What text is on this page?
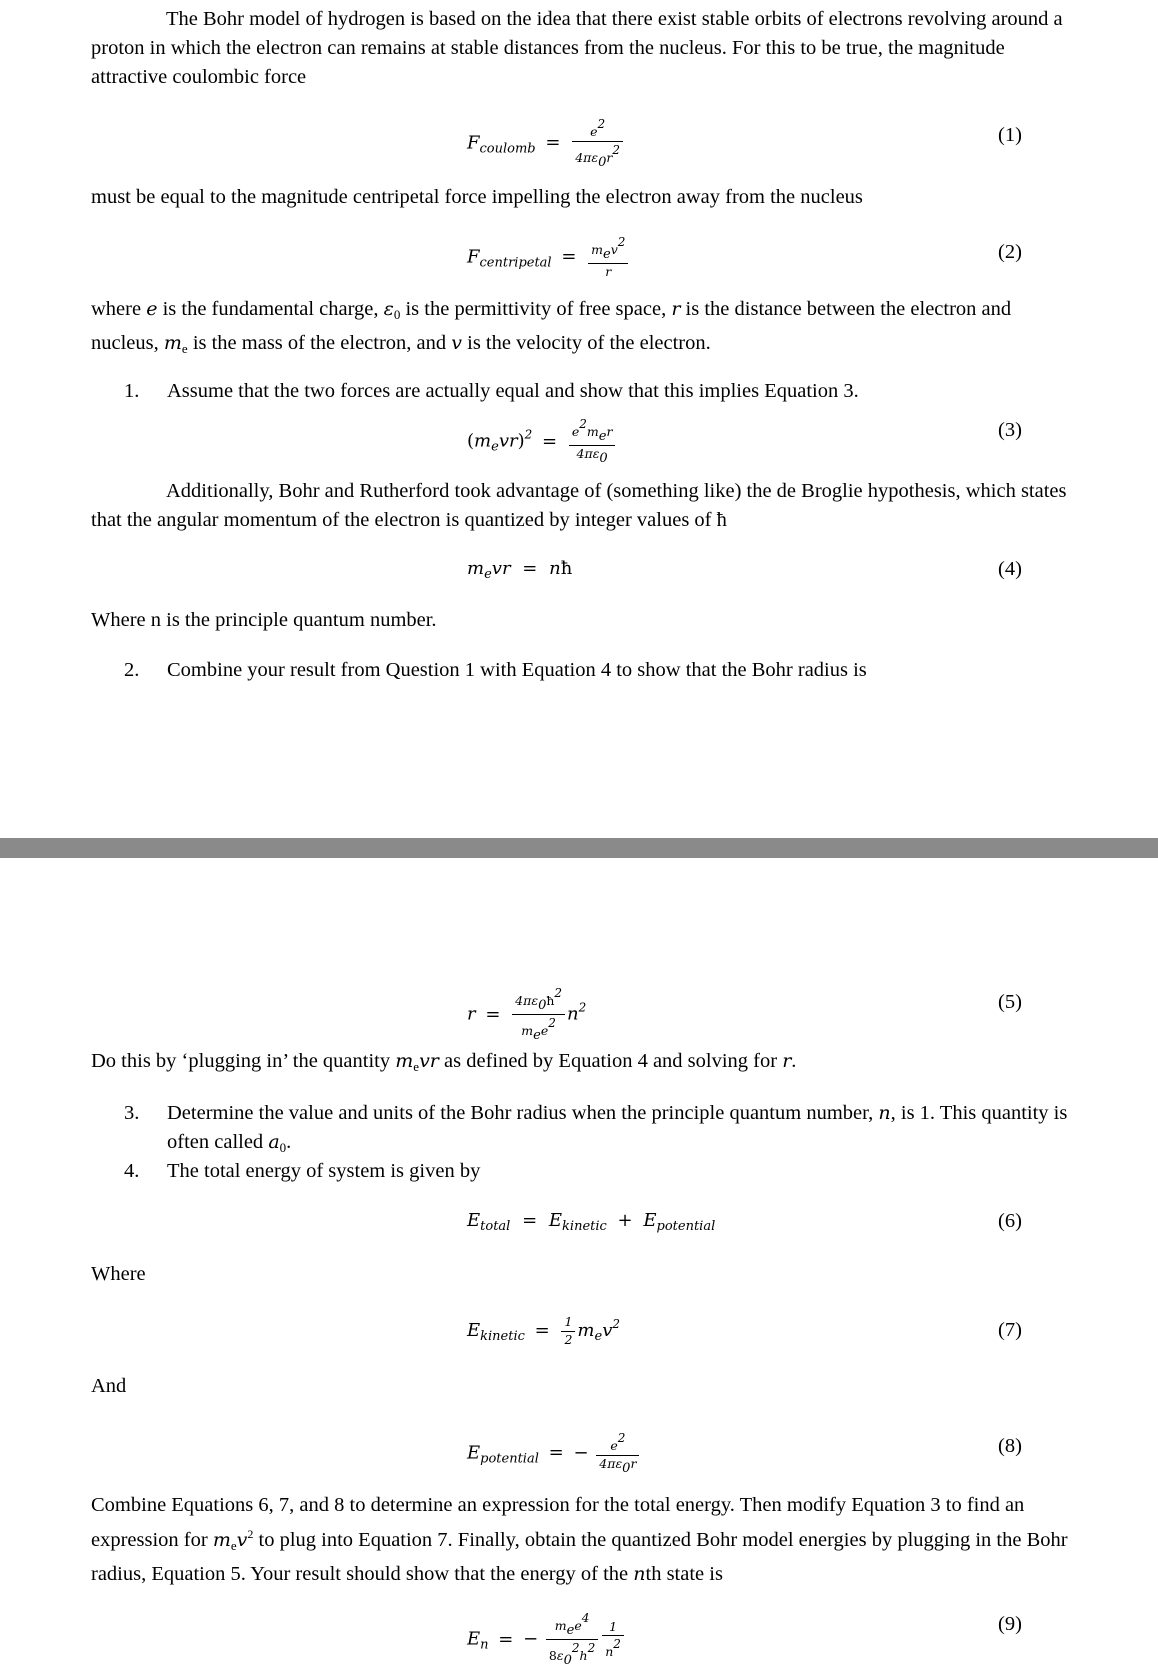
The Bohr model of hydrogen is based on the idea that there exist stable orbits of electrons revolving around a proton in which the electron can remains at stable distances from the nucleus. For this to be true, the magnitude attractive coulombic force

$F_{coulomb} = \frac{e2}{4\pi\varepsilon 0r2}$	(1)

must be equal to the magnitude centripetal force impelling the electron away from the nucleus

$F_{centripetal} = \frac{\text{mev2}}{r}$	(2)

where e is the fundamental charge, $\varepsilon_0$ is the permittivity of free space, r is the distance between the electron and nucleus, $m_e$ is the mass of the electron, and v is the velocity of the electron.

1.	Assume that the two forces are actually equal and show that this implies Equation 3.
$(m_evr)^2 = \frac{\text{e2mer}}{4\pi\varepsilon 0}$	(3)

Additionally, Bohr and Rutherford took advantage of (something like) the de Broglie hypothesis, which states that the angular momentum of the electron is quantized by integer values of ħ

$m_evr$ = nħ	(4)

Where n is the principle quantum number.

2.	Combine your result from Question 1 with Equation 4 to show that the Bohr radius is
$r = \frac{4\pi\varepsilon 0ħ2}{\text{mee2}} n^2$	(5)

Do this by ‘plugging in’ the quantity $m_evr$ as defined by Equation 4 and solving for r.

3.	Determine the value and units of the Bohr radius when the principle quantum number, n, is 1. This quantity is often called $a_0$.
4.	The total energy of system is given by
$E_{total} = E_{kinetic} + E_{potential}$	(6)

Where

$E_{kinetic} = \frac{1}{2} m_ev^2$	(7)

And

$E_{potential}$ = − $\frac{e2}{4\pi\varepsilon 0r}$	(8)

Combine Equations 6, 7, and 8 to determine an expression for the total energy. Then modify Equation 3 to find an expression for $m_ev^2$ to plug into Equation 7. Finally, obtain the quantized Bohr model energies by plugging in the Bohr radius, Equation 5. Your result should show that the energy of the nth state is

$E_n$ = − $\frac{\text{mee4}}{8\varepsilon 02h2} \frac{1}{n2}$	(9)
